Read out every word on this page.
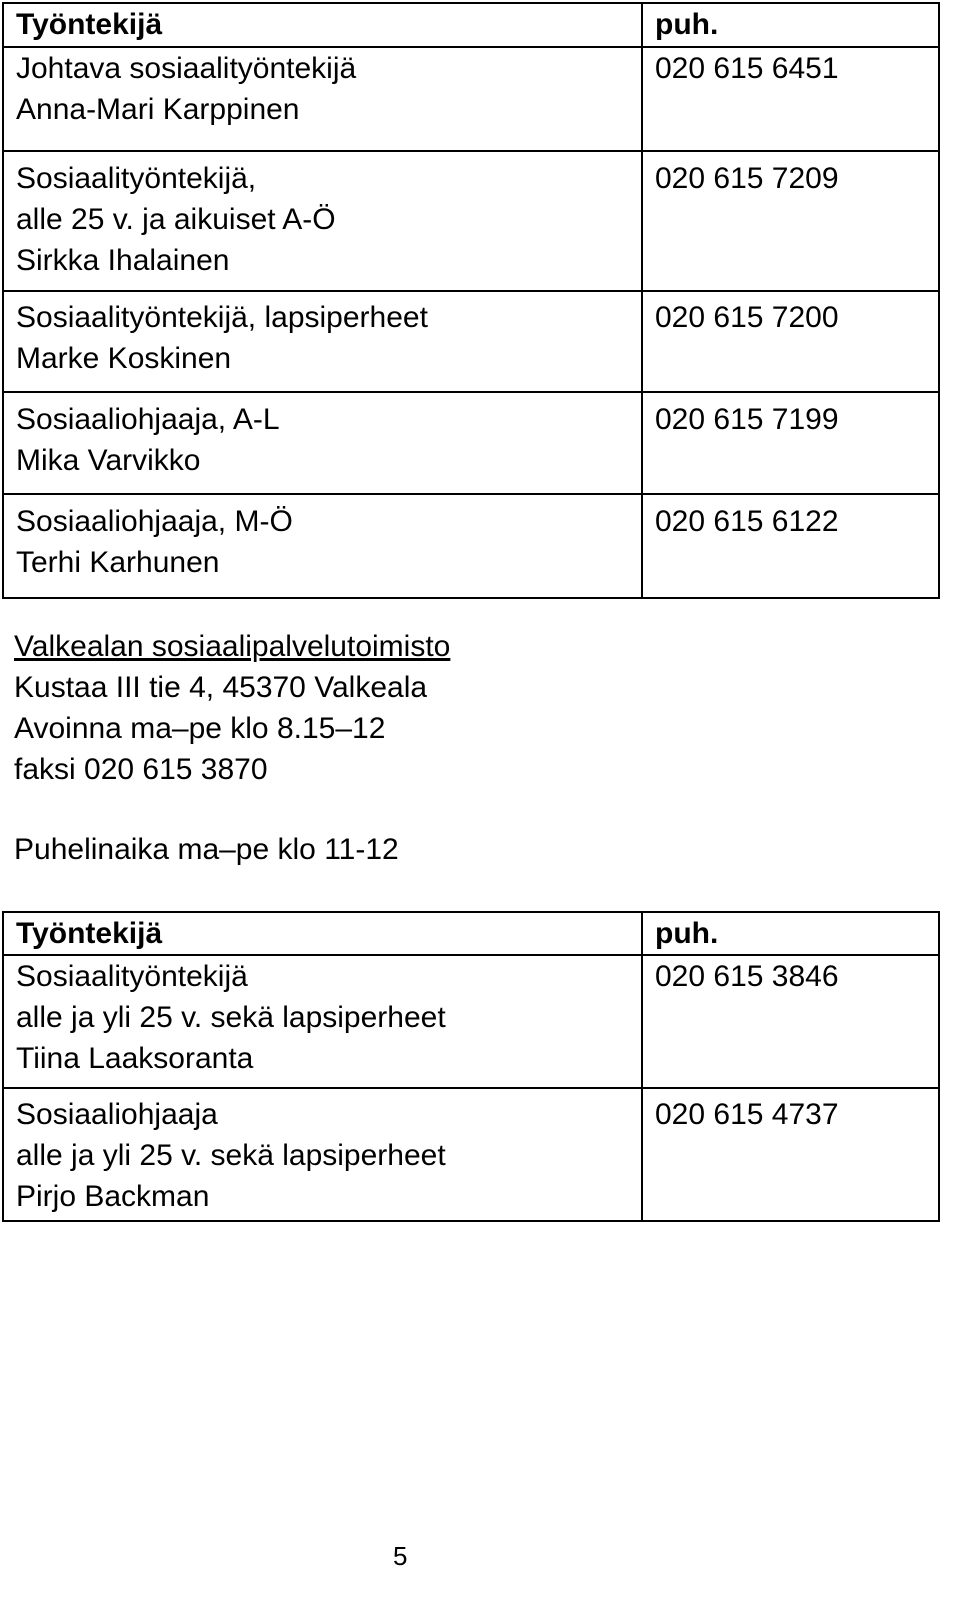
Työntekijä	puh.

Johtava sosiaalityöntekijä
Anna-Mari Karppinen	020 615 6451

Sosiaalityöntekijä,
alle 25 v. ja aikuiset A-Ö
Sirkka Ihalainen	020 615 7209

Sosiaalityöntekijä, lapsiperheet
Marke Koskinen	020 615 7200

Sosiaaliohjaaja, A-L
Mika Varvikko	020 615 7199

Sosiaaliohjaaja, M-Ö
Terhi Karhunen	020 615 6122
Valkealan sosiaalipalvelutoimisto
Kustaa III tie 4, 45370 Valkeala
Avoinna ma–pe klo 8.15–12
faksi 020 615 3870
Puhelinaika ma–pe klo 11-12
Työntekijä	puh.

Sosiaalityöntekijä
alle ja yli 25 v. sekä lapsiperheet
Tiina Laaksoranta	020 615 3846

Sosiaaliohjaaja
alle ja yli 25 v. sekä lapsiperheet
Pirjo Backman	020 615 4737
5
